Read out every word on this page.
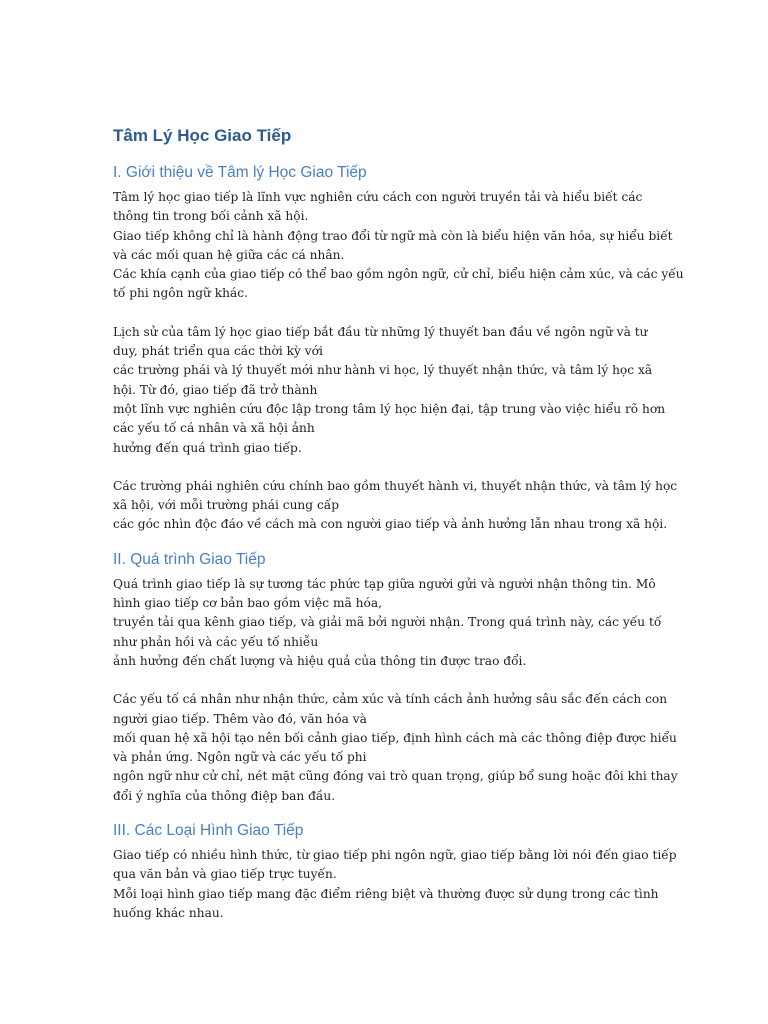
Tâm Lý Học Giao Tiếp
I. Giới thiệu về Tâm lý Học Giao Tiếp

Tâm lý học giao tiếp là lĩnh vực nghiên cứu cách con người truyền tải và hiểu biết các
thông tin trong bối cảnh xã hội.
Giao tiếp không chỉ là hành động trao đổi từ ngữ mà còn là biểu hiện văn hóa, sự hiểu biết
và các mối quan hệ giữa các cá nhân.
Các khía cạnh của giao tiếp có thể bao gồm ngôn ngữ, cử chỉ, biểu hiện cảm xúc, và các yếu
tố phi ngôn ngữ khác.

Lịch sử của tâm lý học giao tiếp bắt đầu từ những lý thuyết ban đầu về ngôn ngữ và tư
duy, phát triển qua các thời kỳ với
các trường phái và lý thuyết mới như hành vi học, lý thuyết nhận thức, và tâm lý học xã
hội. Từ đó, giao tiếp đã trở thành
một lĩnh vực nghiên cứu độc lập trong tâm lý học hiện đại, tập trung vào việc hiểu rõ hơn
các yếu tố cá nhân và xã hội ảnh
hưởng đến quá trình giao tiếp.

Các trường phái nghiên cứu chính bao gồm thuyết hành vi, thuyết nhận thức, và tâm lý học
xã hội, với mỗi trường phái cung cấp
các góc nhìn độc đáo về cách mà con người giao tiếp và ảnh hưởng lẫn nhau trong xã hội.

II. Quá trình Giao Tiếp

Quá trình giao tiếp là sự tương tác phức tạp giữa người gửi và người nhận thông tin. Mô
hình giao tiếp cơ bản bao gồm việc mã hóa,
truyền tải qua kênh giao tiếp, và giải mã bởi người nhận. Trong quá trình này, các yếu tố
như phản hồi và các yếu tố nhiễu
ảnh hưởng đến chất lượng và hiệu quả của thông tin được trao đổi.

Các yếu tố cá nhân như nhận thức, cảm xúc và tính cách ảnh hưởng sâu sắc đến cách con
người giao tiếp. Thêm vào đó, văn hóa và
mối quan hệ xã hội tạo nên bối cảnh giao tiếp, định hình cách mà các thông điệp được hiểu
và phản ứng. Ngôn ngữ và các yếu tố phi
ngôn ngữ như cử chỉ, nét mặt cũng đóng vai trò quan trọng, giúp bổ sung hoặc đôi khi thay
đổi ý nghĩa của thông điệp ban đầu.

III. Các Loại Hình Giao Tiếp

Giao tiếp có nhiều hình thức, từ giao tiếp phi ngôn ngữ, giao tiếp bằng lời nói đến giao tiếp
qua văn bản và giao tiếp trực tuyến.
Mỗi loại hình giao tiếp mang đặc điểm riêng biệt và thường được sử dụng trong các tình
huống khác nhau.
